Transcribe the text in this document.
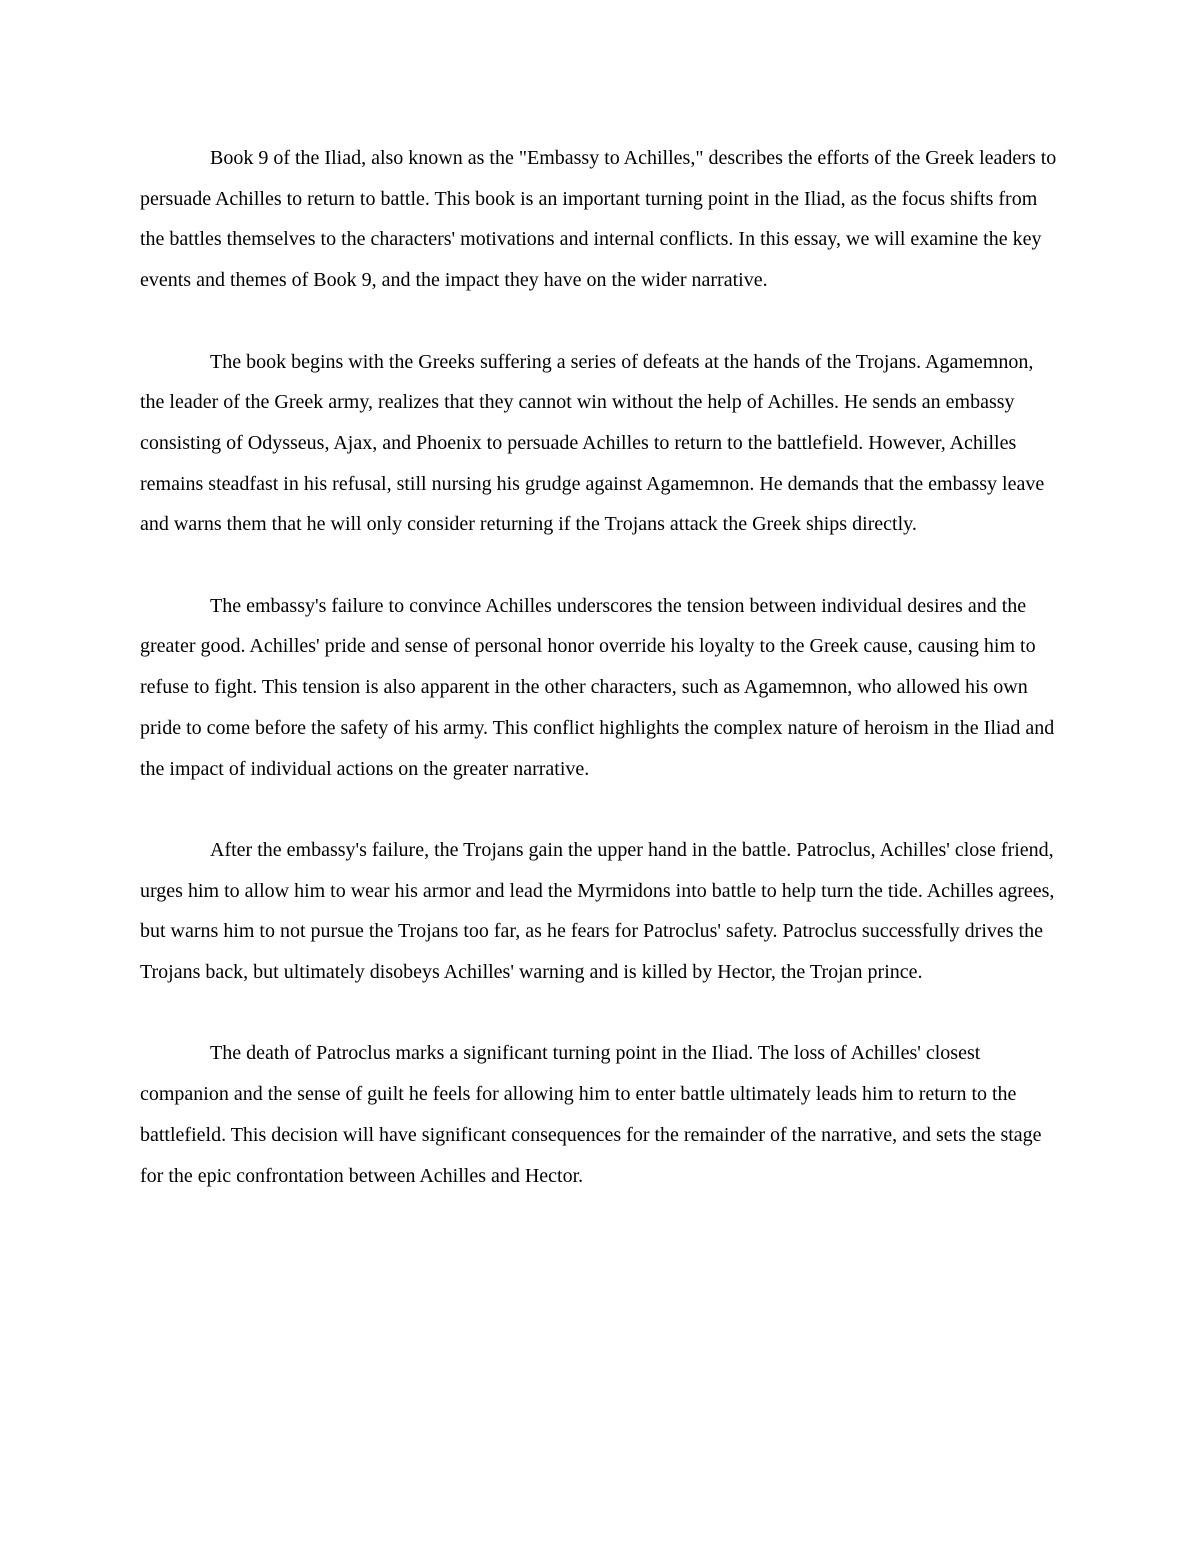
Book 9 of the Iliad, also known as the "Embassy to Achilles," describes the efforts of the Greek leaders to persuade Achilles to return to battle. This book is an important turning point in the Iliad, as the focus shifts from the battles themselves to the characters' motivations and internal conflicts. In this essay, we will examine the key events and themes of Book 9, and the impact they have on the wider narrative.

The book begins with the Greeks suffering a series of defeats at the hands of the Trojans. Agamemnon, the leader of the Greek army, realizes that they cannot win without the help of Achilles. He sends an embassy consisting of Odysseus, Ajax, and Phoenix to persuade Achilles to return to the battlefield. However, Achilles remains steadfast in his refusal, still nursing his grudge against Agamemnon. He demands that the embassy leave and warns them that he will only consider returning if the Trojans attack the Greek ships directly.

The embassy's failure to convince Achilles underscores the tension between individual desires and the greater good. Achilles' pride and sense of personal honor override his loyalty to the Greek cause, causing him to refuse to fight. This tension is also apparent in the other characters, such as Agamemnon, who allowed his own pride to come before the safety of his army. This conflict highlights the complex nature of heroism in the Iliad and the impact of individual actions on the greater narrative.

After the embassy's failure, the Trojans gain the upper hand in the battle. Patroclus, Achilles' close friend, urges him to allow him to wear his armor and lead the Myrmidons into battle to help turn the tide. Achilles agrees, but warns him to not pursue the Trojans too far, as he fears for Patroclus' safety. Patroclus successfully drives the Trojans back, but ultimately disobeys Achilles' warning and is killed by Hector, the Trojan prince.

The death of Patroclus marks a significant turning point in the Iliad. The loss of Achilles' closest companion and the sense of guilt he feels for allowing him to enter battle ultimately leads him to return to the battlefield. This decision will have significant consequences for the remainder of the narrative, and sets the stage for the epic confrontation between Achilles and Hector.
